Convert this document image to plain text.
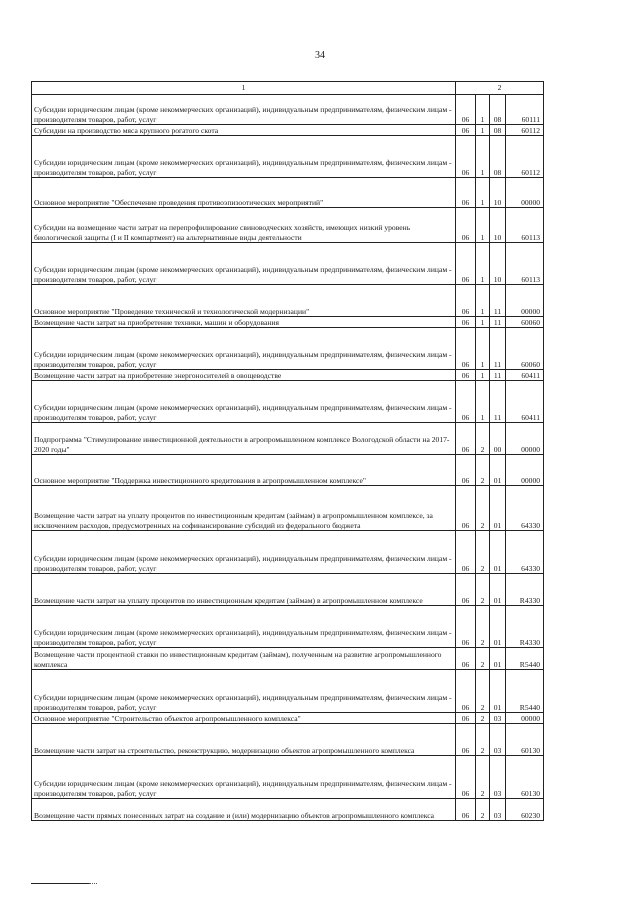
34
1	2			
Субсидии юридическим лицам (кроме некоммерческих организаций), индивидуальным предпринимателям, физическим лицам - производителям товаров, работ, услуг	06	1	08	60111
Субсидии на производство мяса крупного рогатого скота	06	1	08	60112
Субсидии юридическим лицам (кроме некоммерческих организаций), индивидуальным предпринимателям, физическим лицам - производителям товаров, работ, услуг	06	1	08	60112
Основное мероприятие "Обеспечение проведения противоэпизоотических мероприятий"	06	1	10	00000
Субсидии на возмещение части затрат на перепрофилирование свиноводческих хозяйств, имеющих низкий уровень биологической защиты (I и II компартмент) на альтернативные виды деятельности	06	1	10	60113
Субсидии юридическим лицам (кроме некоммерческих организаций), индивидуальным предпринимателям, физическим лицам - производителям товаров, работ, услуг	06	1	10	60113
Основное мероприятие "Проведение технической и технологической модернизации"	06	1	11	00000
Возмещение части затрат на приобретение техники, машин и оборудования	06	1	11	60060
Субсидии юридическим лицам (кроме некоммерческих организаций), индивидуальным предпринимателям, физическим лицам - производителям товаров, работ, услуг	06	1	11	60060
Возмещение части затрат на приобретение энергоносителей в овощеводстве	06	1	11	60411
Субсидии юридическим лицам (кроме некоммерческих организаций), индивидуальным предпринимателям, физическим лицам - производителям товаров, работ, услуг	06	1	11	60411
Подпрограмма "Стимулирование инвестиционной деятельности в агропромышленном комплексе Вологодской области на 2017-2020 годы"	06	2	00	00000
Основное мероприятие "Поддержка инвестиционного кредитования в агропромышленном комплексе"	06	2	01	00000
Возмещение части затрат на уплату процентов по инвестиционным кредитам (займам) в агропромышленном комплексе, за исключением расходов, предусмотренных на софинансирование субсидий из федерального бюджета	06	2	01	64330
Субсидии юридическим лицам (кроме некоммерческих организаций), индивидуальным предпринимателям, физическим лицам - производителям товаров, работ, услуг	06	2	01	64330
Возмещение части затрат на уплату процентов по инвестиционным кредитам (займам) в агропромышленном комплексе	06	2	01	R4330
Субсидии юридическим лицам (кроме некоммерческих организаций), индивидуальным предпринимателям, физическим лицам - производителям товаров, работ, услуг	06	2	01	R4330
Возмещение части процентной ставки по инвестиционным кредитам (займам), полученным на развитие агропромышленного комплекса	06	2	01	R5440
Субсидии юридическим лицам (кроме некоммерческих организаций), индивидуальным предпринимателям, физическим лицам - производителям товаров, работ, услуг	06	2	01	R5440
Основное мероприятие "Строительство объектов агропромышленного комплекса"	06	2	03	00000
Возмещение части затрат на строительство, реконструкцию, модернизацию объектов агропромышленного комплекса	06	2	03	60130
Субсидии юридическим лицам (кроме некоммерческих организаций), индивидуальным предпринимателям, физическим лицам - производителям товаров, работ, услуг	06	2	03	60130
Возмещение части прямых понесенных затрат на создание и (или) модернизацию объектов агропромышленного комплекса	06	2	03	60230
